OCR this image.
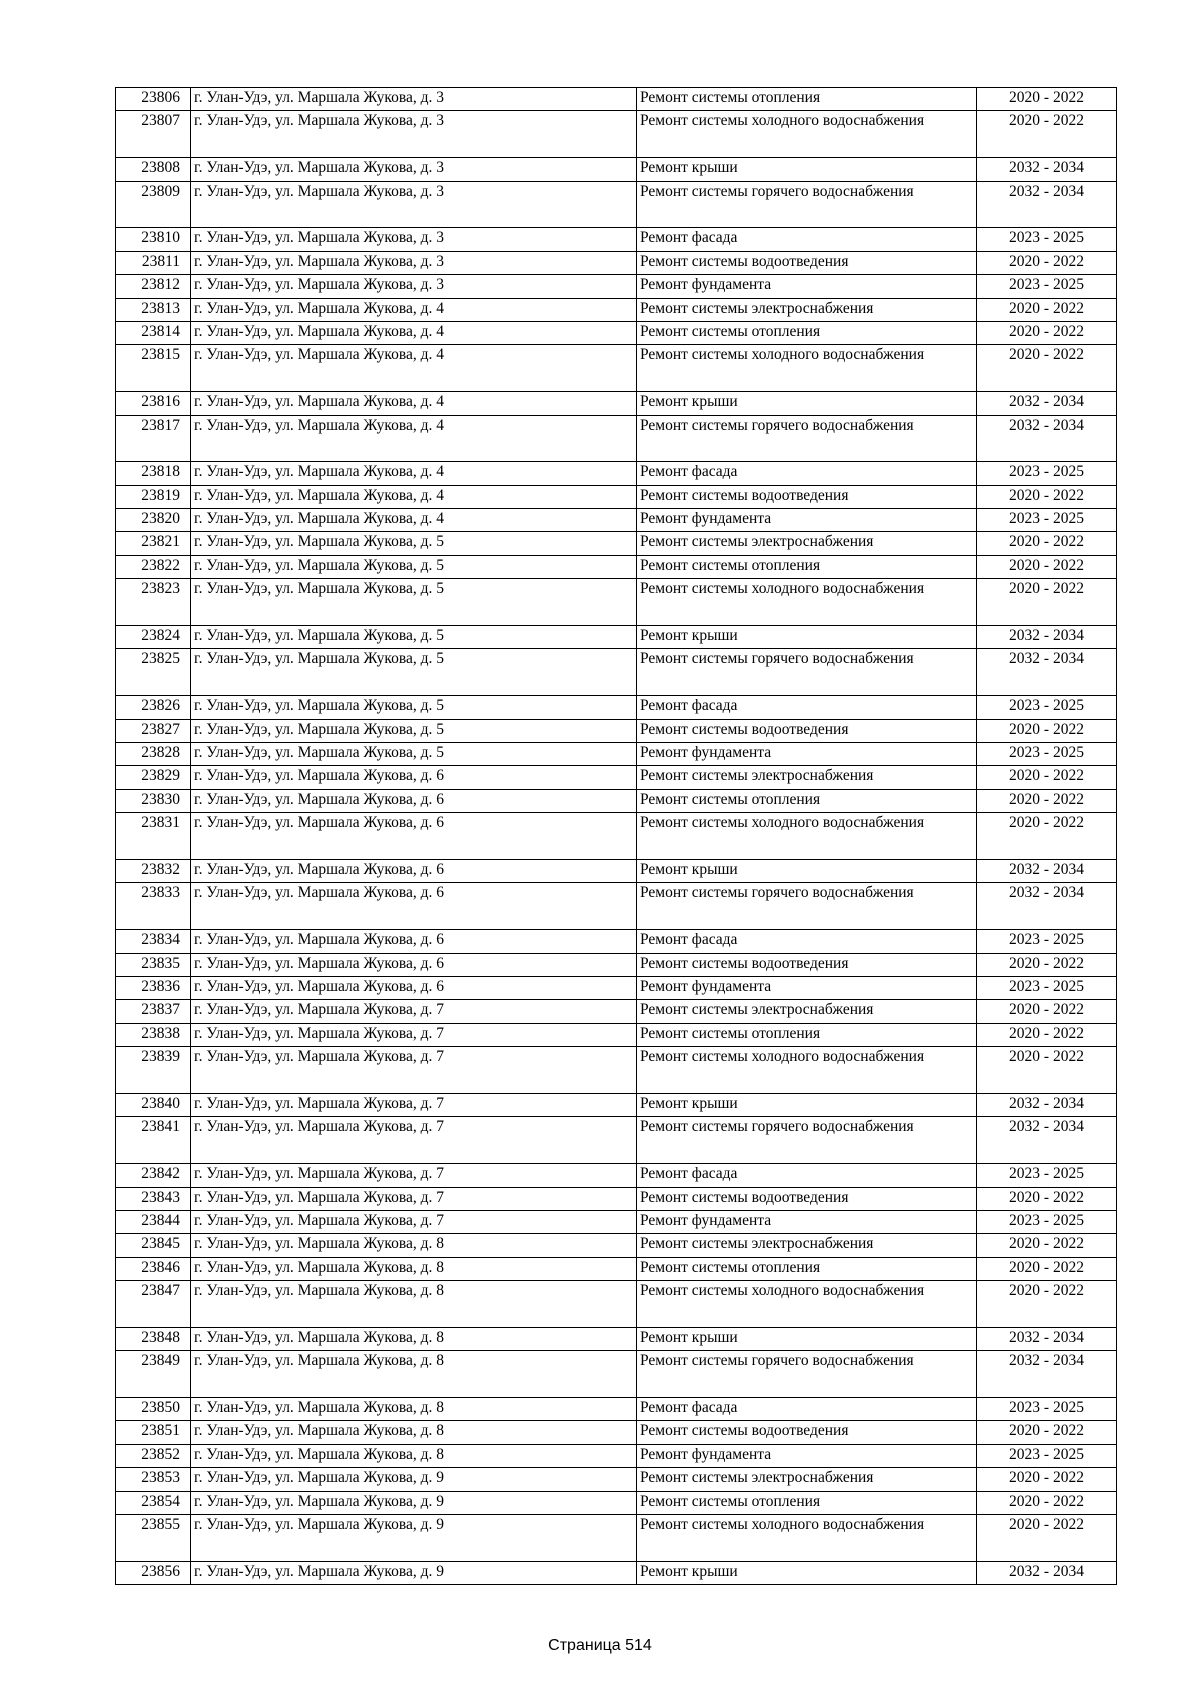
23806	г. Улан-Удэ, ул. Маршала Жукова, д. 3	Ремонт системы отопления	2020 - 2022
23807	г. Улан-Удэ, ул. Маршала Жукова, д. 3	Ремонт системы холодного водоснабжения	2020 - 2022
23808	г. Улан-Удэ, ул. Маршала Жукова, д. 3	Ремонт крыши	2032 - 2034
23809	г. Улан-Удэ, ул. Маршала Жукова, д. 3	Ремонт системы горячего водоснабжения	2032 - 2034
23810	г. Улан-Удэ, ул. Маршала Жукова, д. 3	Ремонт фасада	2023 - 2025
23811	г. Улан-Удэ, ул. Маршала Жукова, д. 3	Ремонт системы водоотведения	2020 - 2022
23812	г. Улан-Удэ, ул. Маршала Жукова, д. 3	Ремонт фундамента	2023 - 2025
23813	г. Улан-Удэ, ул. Маршала Жукова, д. 4	Ремонт системы электроснабжения	2020 - 2022
23814	г. Улан-Удэ, ул. Маршала Жукова, д. 4	Ремонт системы отопления	2020 - 2022
23815	г. Улан-Удэ, ул. Маршала Жукова, д. 4	Ремонт системы холодного водоснабжения	2020 - 2022
23816	г. Улан-Удэ, ул. Маршала Жукова, д. 4	Ремонт крыши	2032 - 2034
23817	г. Улан-Удэ, ул. Маршала Жукова, д. 4	Ремонт системы горячего водоснабжения	2032 - 2034
23818	г. Улан-Удэ, ул. Маршала Жукова, д. 4	Ремонт фасада	2023 - 2025
23819	г. Улан-Удэ, ул. Маршала Жукова, д. 4	Ремонт системы водоотведения	2020 - 2022
23820	г. Улан-Удэ, ул. Маршала Жукова, д. 4	Ремонт фундамента	2023 - 2025
23821	г. Улан-Удэ, ул. Маршала Жукова, д. 5	Ремонт системы электроснабжения	2020 - 2022
23822	г. Улан-Удэ, ул. Маршала Жукова, д. 5	Ремонт системы отопления	2020 - 2022
23823	г. Улан-Удэ, ул. Маршала Жукова, д. 5	Ремонт системы холодного водоснабжения	2020 - 2022
23824	г. Улан-Удэ, ул. Маршала Жукова, д. 5	Ремонт крыши	2032 - 2034
23825	г. Улан-Удэ, ул. Маршала Жукова, д. 5	Ремонт системы горячего водоснабжения	2032 - 2034
23826	г. Улан-Удэ, ул. Маршала Жукова, д. 5	Ремонт фасада	2023 - 2025
23827	г. Улан-Удэ, ул. Маршала Жукова, д. 5	Ремонт системы водоотведения	2020 - 2022
23828	г. Улан-Удэ, ул. Маршала Жукова, д. 5	Ремонт фундамента	2023 - 2025
23829	г. Улан-Удэ, ул. Маршала Жукова, д. 6	Ремонт системы электроснабжения	2020 - 2022
23830	г. Улан-Удэ, ул. Маршала Жукова, д. 6	Ремонт системы отопления	2020 - 2022
23831	г. Улан-Удэ, ул. Маршала Жукова, д. 6	Ремонт системы холодного водоснабжения	2020 - 2022
23832	г. Улан-Удэ, ул. Маршала Жукова, д. 6	Ремонт крыши	2032 - 2034
23833	г. Улан-Удэ, ул. Маршала Жукова, д. 6	Ремонт системы горячего водоснабжения	2032 - 2034
23834	г. Улан-Удэ, ул. Маршала Жукова, д. 6	Ремонт фасада	2023 - 2025
23835	г. Улан-Удэ, ул. Маршала Жукова, д. 6	Ремонт системы водоотведения	2020 - 2022
23836	г. Улан-Удэ, ул. Маршала Жукова, д. 6	Ремонт фундамента	2023 - 2025
23837	г. Улан-Удэ, ул. Маршала Жукова, д. 7	Ремонт системы электроснабжения	2020 - 2022
23838	г. Улан-Удэ, ул. Маршала Жукова, д. 7	Ремонт системы отопления	2020 - 2022
23839	г. Улан-Удэ, ул. Маршала Жукова, д. 7	Ремонт системы холодного водоснабжения	2020 - 2022
23840	г. Улан-Удэ, ул. Маршала Жукова, д. 7	Ремонт крыши	2032 - 2034
23841	г. Улан-Удэ, ул. Маршала Жукова, д. 7	Ремонт системы горячего водоснабжения	2032 - 2034
23842	г. Улан-Удэ, ул. Маршала Жукова, д. 7	Ремонт фасада	2023 - 2025
23843	г. Улан-Удэ, ул. Маршала Жукова, д. 7	Ремонт системы водоотведения	2020 - 2022
23844	г. Улан-Удэ, ул. Маршала Жукова, д. 7	Ремонт фундамента	2023 - 2025
23845	г. Улан-Удэ, ул. Маршала Жукова, д. 8	Ремонт системы электроснабжения	2020 - 2022
23846	г. Улан-Удэ, ул. Маршала Жукова, д. 8	Ремонт системы отопления	2020 - 2022
23847	г. Улан-Удэ, ул. Маршала Жукова, д. 8	Ремонт системы холодного водоснабжения	2020 - 2022
23848	г. Улан-Удэ, ул. Маршала Жукова, д. 8	Ремонт крыши	2032 - 2034
23849	г. Улан-Удэ, ул. Маршала Жукова, д. 8	Ремонт системы горячего водоснабжения	2032 - 2034
23850	г. Улан-Удэ, ул. Маршала Жукова, д. 8	Ремонт фасада	2023 - 2025
23851	г. Улан-Удэ, ул. Маршала Жукова, д. 8	Ремонт системы водоотведения	2020 - 2022
23852	г. Улан-Удэ, ул. Маршала Жукова, д. 8	Ремонт фундамента	2023 - 2025
23853	г. Улан-Удэ, ул. Маршала Жукова, д. 9	Ремонт системы электроснабжения	2020 - 2022
23854	г. Улан-Удэ, ул. Маршала Жукова, д. 9	Ремонт системы отопления	2020 - 2022
23855	г. Улан-Удэ, ул. Маршала Жукова, д. 9	Ремонт системы холодного водоснабжения	2020 - 2022
23856	г. Улан-Удэ, ул. Маршала Жукова, д. 9	Ремонт крыши	2032 - 2034
Страница 514
